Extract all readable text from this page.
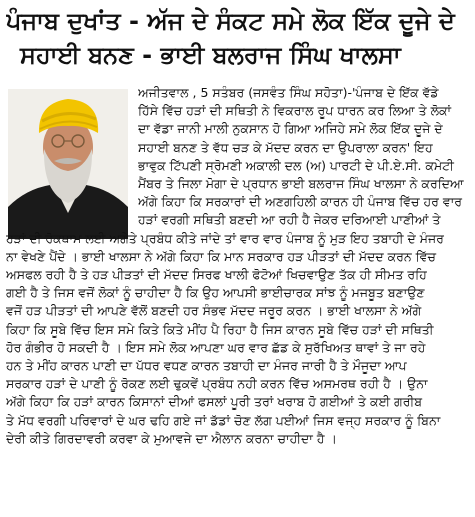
ਪੰਜਾਬ ਦੁਖਾਂਤ - ਅੱਜ ਦੇ ਸੰਕਟ ਸਮੇ ਲੋਕ ਇੱਕ ਦੂਜੇ ਦੇ
ਸਹਾਈ ਬਨਣ - ਭਾਈ ਬਲਰਾਜ ਸਿੰਘ ਖਾਲਸਾ
ਅਜੀਤਵਾਲ , 5 ਸਤੰਬਰ (ਜਸਵੰਤ ਸਿੰਘ ਸਹੋਤਾ)-'ਪੰਜਾਬ ਦੇ ਇੱਕ ਵੱਡੇ
ਹਿੱਸੇ ਵਿੱਚ ਹੜਾਂ ਦੀ ਸਥਿਤੀ ਨੇ ਵਿਕਰਾਲ ਰੂਪ ਧਾਰਨ ਕਰ ਲਿਆ ਤੇ ਲੋਕਾਂ
ਦਾ ਵੱਡਾ ਜਾਨੀ ਮਾਲੀ ਨੁਕਸਾਨ ਹੋ ਗਿਆ ਅਜਿਹੇ ਸਮੇ ਲੋਕ ਇੱਕ ਦੂਜੇ ਦੇ
ਸਹਾਈ ਬਨਣ ਤੇ ਵੱਧ ਚੜ ਕੇ ਮੱਦਦ ਕਰਨ ਦਾ ਉਪਰਾਲਾ ਕਰਨ' ਇਹ
ਭਾਵੁਕ ਟਿੱਪਣੀ ਸ੍ਰੋਮਣੀ ਅਕਾਲੀ ਦਲ (ਅ) ਪਾਰਟੀ ਦੇ ਪੀ.ਏ.ਸੀ. ਕਮੇਟੀ
ਮੈਂਬਰ ਤੇ ਜਿਲਾ ਮੋਗਾ ਦੇ ਪ੍ਰਧਾਨ ਭਾਈ ਬਲਰਾਜ ਸਿੰਘ ਖਾਲਸਾ ਨੇ ਕਰਦਿਆ
ਅੱਗੇ ਕਿਹਾ ਕਿ ਸਰਕਾਰਾਂ ਦੀ ਅਣਗਹਿਲੀ ਕਾਰਨ ਹੀ ਪੰਜਾਬ ਵਿੱਚ ਹਰ ਵਾਰ
ਹੜਾਂ ਵਰਗੀ ਸਥਿਤੀ ਬਣਦੀ ਆ ਰਹੀ ਹੈ ਜੇਕਰ ਦਰਿਆਈ ਪਾਣੀਆਂ ਤੇ
ਹੜਾਂ ਦੀ ਰੋਕਥਾਮ ਲਈ ਅਗੇਤੇ ਪ੍ਰਬੰਧ ਕੀਤੇ ਜਾਂਦੇ ਤਾਂ ਵਾਰ ਵਾਰ ਪੰਜਾਬ ਨੂੰ ਮੁੜ ਇਹ ਤਬਾਹੀ ਦੇ ਮੰਜਰ
ਨਾ ਵੇਖਣੇ ਪੈਂਦੇ । ਭਾਈ ਖਾਲਸਾ ਨੇ ਅੱਗੇ ਕਿਹਾ ਕਿ ਮਾਨ ਸਰਕਾਰ ਹੜ ਪੀੜਤਾਂ ਦੀ ਮੱਦਦ ਕਰਨ ਵਿੱਚ
ਅਸਫਲ ਰਹੀ ਹੈ ਤੇ ਹੜ ਪੀੜਤਾਂ ਦੀ ਮੱਦਦ ਸਿਰਫ ਖਾਲੀ ਫੋਟੋਆਂ ਖਿਚਵਾਉਣ ਤੱਕ ਹੀ ਸੀਮਤ ਰਹਿ
ਗਈ ਹੈ ਤੇ ਜਿਸ ਵਜੋਂ ਲੋਕਾਂ ਨੂੰ ਚਾਹੀਦਾ ਹੈ ਕਿ ਉਹ ਆਪਸੀ ਭਾਈਚਾਰਕ ਸਾਂਝ ਨੂੰ ਮਜਬੂਤ ਬਣਾਉਣ
ਵਜੋਂ ਹੜ ਪੀੜਤਾਂ ਦੀ ਆਪਣੇ ਵੱਲੋਂ ਬਣਦੀ ਹਰ ਸੰਭਵ ਮੱਦਦ ਜਰੂਰ ਕਰਨ । ਭਾਈ ਖਾਲਸਾ ਨੇ ਅੱਗੇ
ਕਿਹਾ ਕਿ ਸੂਬੇ ਵਿੱਚ ਇਸ ਸਮੇ ਕਿਤੇ ਕਿਤੇ ਮੀਂਹ ਪੈ ਰਿਹਾ ਹੈ ਜਿਸ ਕਾਰਨ ਸੂਬੇ ਵਿੱਚ ਹੜਾਂ ਦੀ ਸਥਿਤੀ
ਹੋਰ ਗੰਭੀਰ ਹੋ ਸਕਦੀ ਹੈ । ਇਸ ਸਮੇ ਲੋਕ ਆਪਣਾ ਘਰ ਵਾਰ ਛੱਡ ਕੇ ਸੁਰੱਖਿਅਤ ਥਾਵਾਂ ਤੇ ਜਾ ਰਹੇ
ਹਨ ਤੇ ਮੀਂਹ ਕਾਰਨ ਪਾਣੀ ਦਾ ਪੱਧਰ ਵਧਣ ਕਾਰਨ ਤਬਾਹੀ ਦਾ ਮੰਜਰ ਜਾਰੀ ਹੈ ਤੇ ਮੌਜੂਦਾ ਆਪ
ਸਰਕਾਰ ਹੜਾਂ ਦੇ ਪਾਣੀ ਨੂੰ ਰੋਕਣ ਲਈ ਢੁਕਵੇਂ ਪ੍ਰਬੰਧ ਨਹੀ ਕਰਨ ਵਿੱਚ ਅਸਮਰਥ ਰਹੀ ਹੈ । ਉਨਾ
ਅੱਗੇ ਕਿਹਾ ਕਿ ਹੜਾਂ ਕਾਰਨ ਕਿਸਾਨਾਂ ਦੀਆਂ ਫਸਲਾਂ ਪੂਰੀ ਤਰਾਂ ਖਰਾਬ ਹੋ ਗਈਆਂ ਤੇ ਕਈ ਗਰੀਬ
ਤੇ ਮੱਧ ਵਰਗੀ ਪਰਿਵਾਰਾਂ ਦੇ ਘਰ ਢਹਿ ਗਏ ਜਾਂ ਡੱਡਾਂ ਚੋਣ ਲੱਗ ਪਈਆਂ ਜਿਸ ਵਜ੍ਹ ਸਰਕਾਰ ਨੂੰ ਬਿਨਾ
ਦੇਰੀ ਕੀਤੇ ਗਿਰਦਾਵਰੀ ਕਰਵਾ ਕੇ ਮੁਆਵਜੇ ਦਾ ਐਲਾਨ ਕਰਨਾ ਚਾਹੀਦਾ ਹੈ ।
